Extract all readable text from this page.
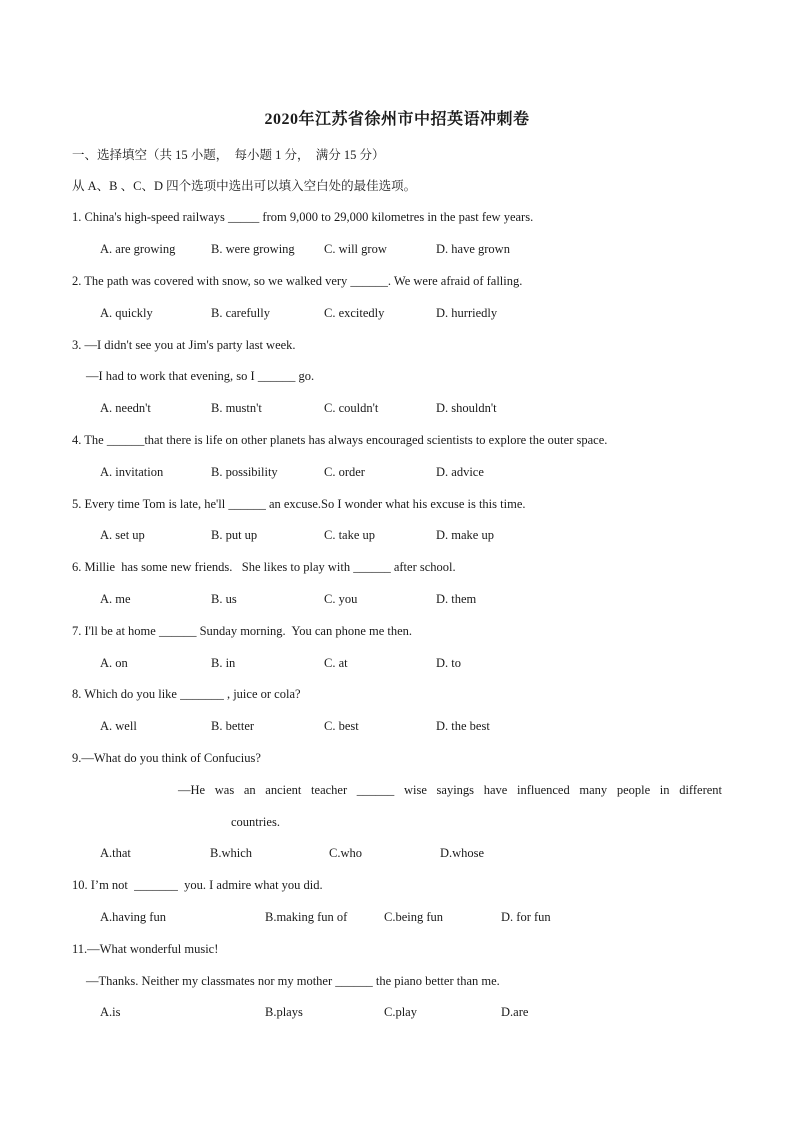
2020年江苏省徐州市中招英语冲刺卷
一、选择填空（共 15 小题，  每小题 1 分，  满分 15 分）
从 A、B 、C、D 四个选项中选出可以填入空白处的最佳选项。
1. China's high-speed railways _____ from 9,000 to 29,000 kilometres in the past few years.
A. are growing	B. were growing C. will grow	D. have grown
2. The path was covered with snow, so we walked very ______. We were afraid of falling.
A. quickly	B. carefully	C. excitedly	D. hurriedly
3. —I didn't see you at Jim's party last week.
—I had to work that evening, so I ______ go.
A. needn't	B. mustn't	C. couldn't	D. shouldn't
4. The ______that there is life on other planets has always encouraged scientists to explore the outer space.
A. invitation	B. possibility	C. order	D. advice
5. Every time Tom is late, he'll ______ an excuse.So I wonder what his excuse is this time.
A. set up	B. put up	C. take up	D. make up
6. Millie  has some new friends.   She likes to play with ______ after school.
A. me	B. us	C. you	D. them
7. I'll be at home ______ Sunday morning.  You can phone me then.
A. on	B. in	C. at	D. to
8. Which do you like _______ , juice or cola?
A. well	B. better	C. best	D. the best
9.—What do you think of Confucius?
—He was an ancient teacher ______ wise sayings have influenced many people in different
countries.
A.that	B.which	C.who	D.whose
10. I’m not  _______  you. I admire what you did.
A.having fun	B.making fun of	C.being fun	D. for fun
11.—What wonderful music!
—Thanks. Neither my classmates nor my mother ______ the piano better than me.
A.is	B.plays	C.play	D.are
